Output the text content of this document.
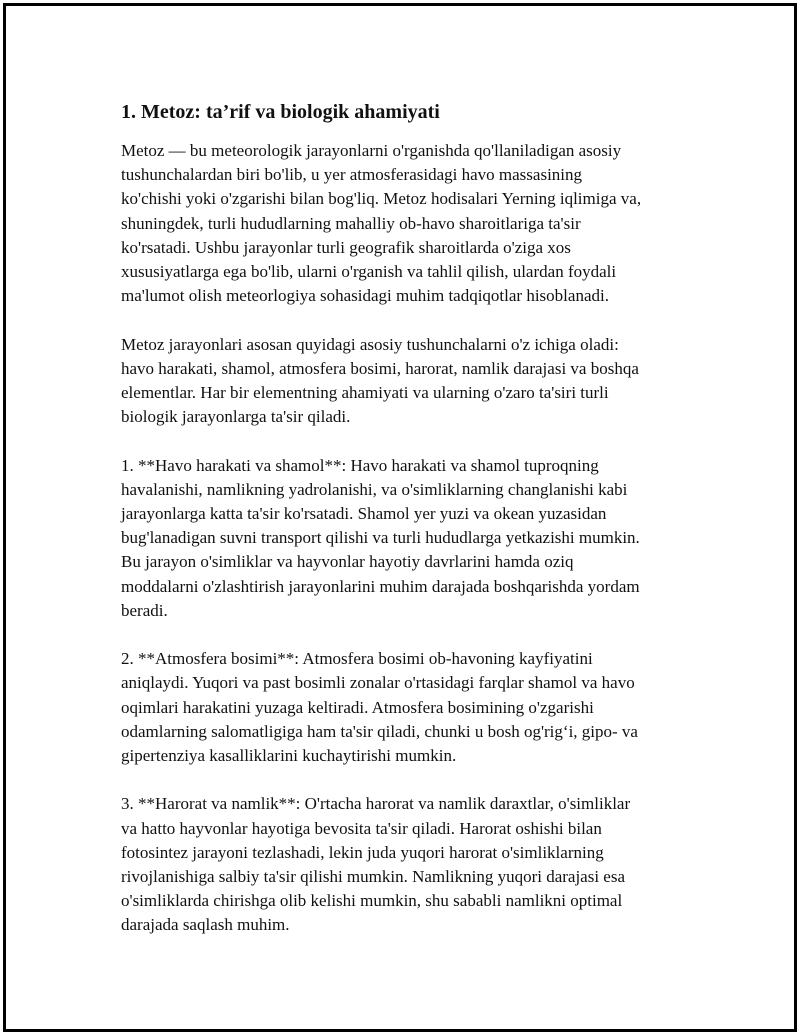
1. Metoz: ta’rif va biologik ahamiyati

Metoz — bu meteorologik jarayonlarni o'rganishda qo'llaniladigan asosiy
tushunchalardan biri bo'lib, u yer atmosferasidagi havo massasining
ko'chishi yoki o'zgarishi bilan bog'liq. Metoz hodisalari Yerning iqlimiga va,
shuningdek, turli hududlarning mahalliy ob-havo sharoitlariga ta'sir
ko'rsatadi. Ushbu jarayonlar turli geografik sharoitlarda o'ziga xos
xususiyatlarga ega bo'lib, ularni o'rganish va tahlil qilish, ulardan foydali
ma'lumot olish meteorlogiya sohasidagi muhim tadqiqotlar hisoblanadi.

Metoz jarayonlari asosan quyidagi asosiy tushunchalarni o'z ichiga oladi:
havo harakati, shamol, atmosfera bosimi, harorat, namlik darajasi va boshqa
elementlar. Har bir elementning ahamiyati va ularning o'zaro ta'siri turli
biologik jarayonlarga ta'sir qiladi.

1. **Havo harakati va shamol**: Havo harakati va shamol tuproqning
havalanishi, namlikning yadrolanishi, va o'simliklarning changlanishi kabi
jarayonlarga katta ta'sir ko'rsatadi. Shamol yer yuzi va okean yuzasidan
bug'lanadigan suvni transport qilishi va turli hududlarga yetkazishi mumkin.
Bu jarayon o'simliklar va hayvonlar hayotiy davrlarini hamda oziq
moddalarni o'zlashtirish jarayonlarini muhim darajada boshqarishda yordam
beradi.

2. **Atmosfera bosimi**: Atmosfera bosimi ob-havoning kayfiyatini
aniqlaydi. Yuqori va past bosimli zonalar o'rtasidagi farqlar shamol va havo
oqimlari harakatini yuzaga keltiradi. Atmosfera bosimining o'zgarishi
odamlarning salomatligiga ham ta'sir qiladi, chunki u bosh og'rig‘i, gipo- va
gipertenziya kasalliklarini kuchaytirishi mumkin.

3. **Harorat va namlik**: O'rtacha harorat va namlik daraxtlar, o'simliklar
va hatto hayvonlar hayotiga bevosita ta'sir qiladi. Harorat oshishi bilan
fotosintez jarayoni tezlashadi, lekin juda yuqori harorat o'simliklarning
rivojlanishiga salbiy ta'sir qilishi mumkin. Namlikning yuqori darajasi esa
o'simliklarda chirishga olib kelishi mumkin, shu sababli namlikni optimal
darajada saqlash muhim.
